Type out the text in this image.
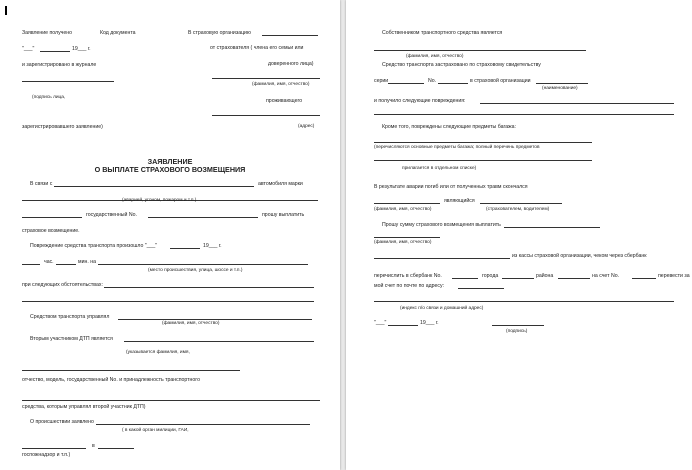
Заявление получено	Код документа	В страховую организацию
"___"	19___ г.	от страхователя ( члена его семьи или
и зарегистрировано в журнале	доверенного лица)
(фамилия, имя, отчество)
(подпись лица,
проживающего
зарегистрировавшего заявление)	(адрес)
ЗАЯВЛЕНИЕ
О ВЫПЛАТЕ СТРАХОВОГО ВОЗМЕЩЕНИЯ
В связи с	автомобиля марки
(аварией, угоном, пожаром и т.п.)
государственный No.	прошу выплатить
страховое возмещение.
Повреждение средства транспорта произошло "___"	19___ г.
час.	мин. на
(место происшествия, улица, шоссе и т.п.)
при следующих обстоятельствах:
Средством транспорта управлял
(фамилия, имя, отчество)
Вторым участником ДТП является
(указывается фамилия, имя,
отчество, модель, государственный No. и принадлежность транспортного
средства, которым управлял второй участник ДТП)
О происшествии заявлено
( в какой орган милиции, ГАИ,
в
госпожнадзор и т.п.)
Собственником транспортного средства является
(фамилия, имя, отчество)
Средство транспорта застраховано по страховому свидетельству
серии	No.	в страховой организации
(наименование)
и получило следующие повреждения:
Кроме того, повреждены следующие предметы багажа:
(перечисляются основные предметы багажа; полный перечень предметов
прилагается в отдельном списке)
В результате аварии погиб или от полученных травм скончался
являющийся
(фамилия, имя, отчество)	(страхователем, водителем)
Прошу сумму страхового возмещения выплатить
(фамилия, имя, отчество)
из кассы страховой организации, чеком через сбербанк
перечислить в сбербанк No.	города	района	на счет No.	перевести за
мой счет по почте по адресу:
(индекс п/о связи и домашний адрес)
"___"	19___ г.
(подпись)
